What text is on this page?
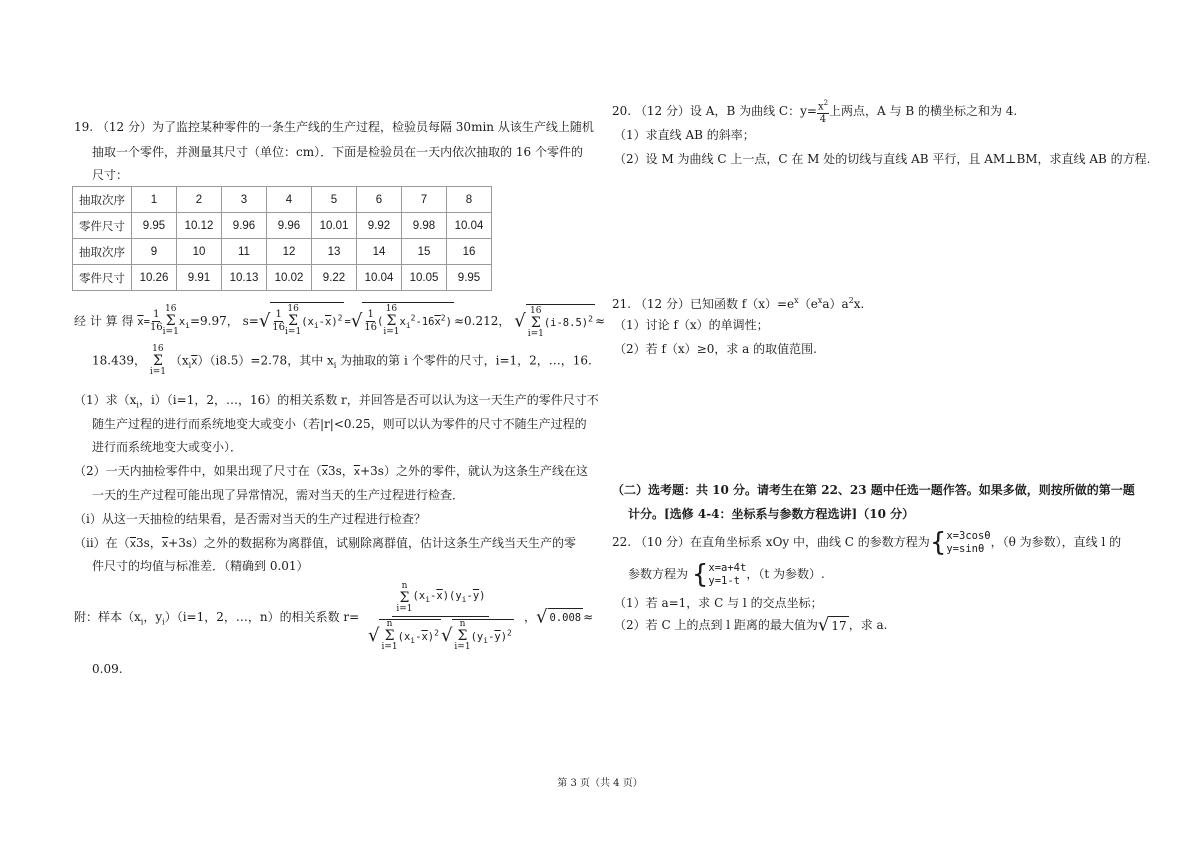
19. （12 分）为了监控某种零件的一条生产线的生产过程，检验员每隔 30min 从该生产线上随机
抽取一个零件，并测量其尺寸（单位：cm）．下面是检验员在一天内依次抽取的 16 个零件的
尺寸：
抽取次序	1	2	3	4	5	6	7	8
零件尺寸	9.95	10.12	9.96	9.96	10.01	9.92	9.98	10.04
抽取次序	9	10	11	12	13	14	15	16
零件尺寸	10.26	9.91	10.13	10.02	9.22	10.04	10.05	9.95
经 计 算 得 $\overline{x}= \frac{1}{16} 16$
Σ
i=1
$x_i=9.97$， $s=√ \frac{1}{16} 16$
Σ
i=1
$(x_i-\overline{x})^2$ =√ $\frac{1}{16}$ (
16
Σ
i=1
$x_i^2-16\overline{x}^2) \approx 0.212$， √ 16
Σ
i=1
$(i-8.5)^2$ ≈
18.439，
16
Σ
i=1
$(x_i\overline{x})(i8.5)=2.78$，其中 $x_i$ 为抽取的第 i 个零件的尺寸，i=1，2，…，16.
（1）求（$x_i$，i）（i=1，2，…，16）的相关系数 r，并回答是否可以认为这一天生产的零件尺寸不
随生产过程的进行而系统地变大或变小（若|r|<0.25，则可以认为零件的尺寸不随生产过程的
进行而系统地变大或变小）．
（2）一天内抽检零件中，如果出现了尺寸在（$\overline{x}3s$，$\overline{x}+3s$）之外的零件，就认为这条生产线在这
一天的生产过程可能出现了异常情况，需对当天的生产过程进行检查．
（ⅰ）从这一天抽检的结果看，是否需对当天的生产过程进行检查？
（ⅱ）在（$\overline{x}3s$，$\overline{x}+3s$）之外的数据称为离群值，试剔除离群值，估计这条生产线当天生产的零
件尺寸的均值与标准差．（精确到 0.01）
附：样本（$x_i$，$y_i)(i=1$，2，…，n）的相关系数 r=
n
Σ
i=1
$(x_i-\overline{x})(y_i-\overline{y})$
√
n
Σ
i=1
$(x_i-\overline{x})^2$ √
n
Σ
i=1
$(y_i-\overline{y})^2$
，√ 0.008 ≈
0.09.
20. （12 分）设 A，B 为曲线 C：$y= \frac{x^2}{4}$ 上两点，A 与 B 的横坐标之和为 4.
（1）求直线 AB 的斜率；
（2）设 M 为曲线 C 上一点，C 在 M 处的切线与直线 AB 平行，且 AM⊥BM，求直线 AB 的方程.
21. （12 分）已知函数 $f(x)=e^x(e^xa)a^2x$.
（1）讨论 f（x）的单调性；
（2）若 f（x）≥0，求 a 的取值范围.
（二）选考题：共 10 分。请考生在第 22、23 题中任选一题作答。如果多做，则按所做的第一题
计分。[选修 4-4：坐标系与参数方程选讲]（10 分）
22. （10 分）在直角坐标系 xOy 中，曲线 C 的参数方程为{ x=3cosθ
y=sinθ ，（θ 为参数），直线 l 的
参数方程为 { x=a+4t
y=1-t ，（t 为参数）.
（1）若 a=1，求 C 与 l 的交点坐标；
（2）若 C 上的点到 l 距离的最大值为√ 17 ，求 a.
第 3 页（共 4 页）
